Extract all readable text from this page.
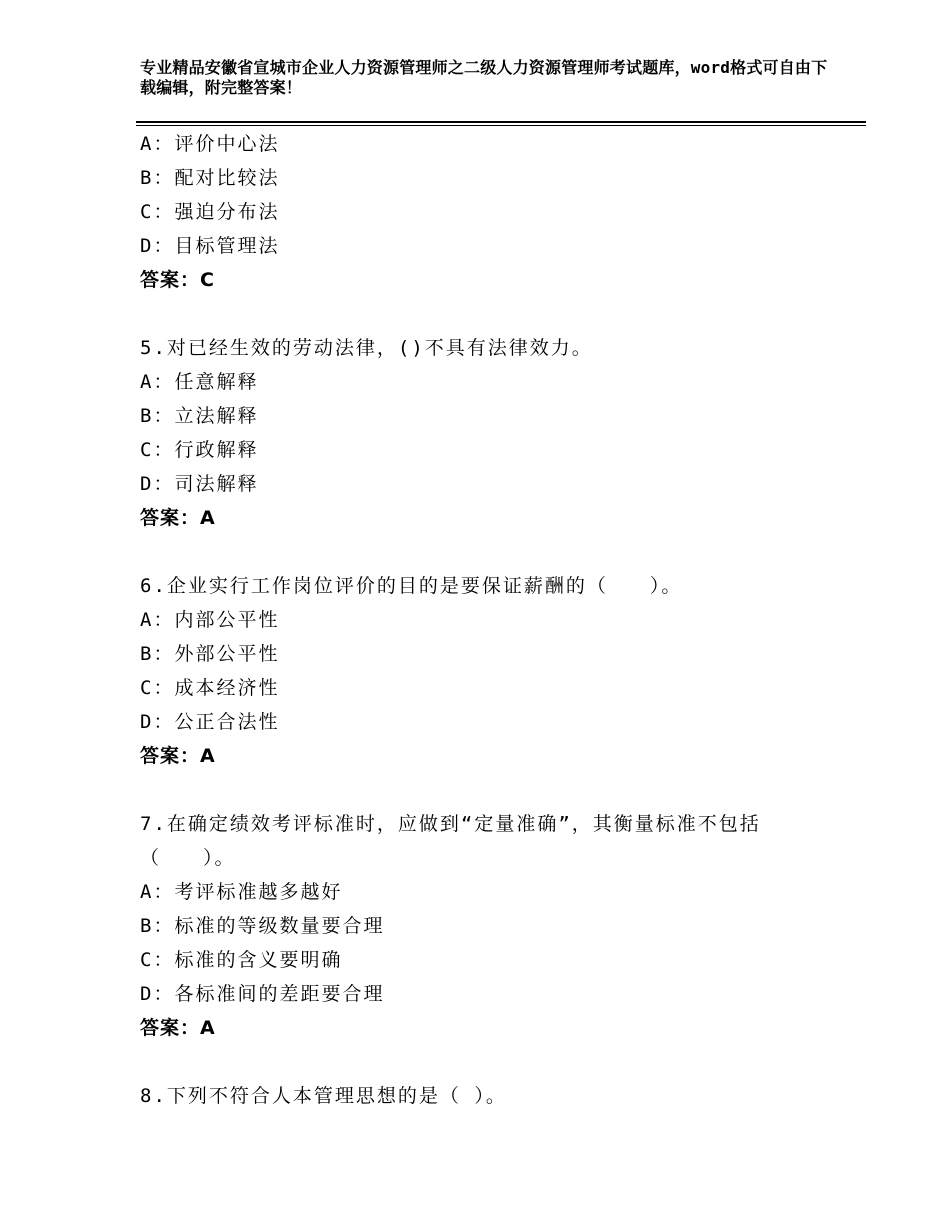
专业精品安徽省宣城市企业人力资源管理师之二级人力资源管理师考试题库，word格式可自由下载编辑，附完整答案！
A：评价中心法
B：配对比较法
C：强迫分布法
D：目标管理法
答案：C
5.对已经生效的劳动法律，()不具有法律效力。
A：任意解释
B：立法解释
C：行政解释
D：司法解释
答案：A
6.企业实行工作岗位评价的目的是要保证薪酬的（　　）。
A：内部公平性
B：外部公平性
C：成本经济性
D：公正合法性
答案：A
7.在确定绩效考评标准时，应做到“定量准确”，其衡量标准不包括（　　）。
A：考评标准越多越好
B：标准的等级数量要合理
C：标准的含义要明确
D：各标准间的差距要合理
答案：A
8.下列不符合人本管理思想的是（ ）。
